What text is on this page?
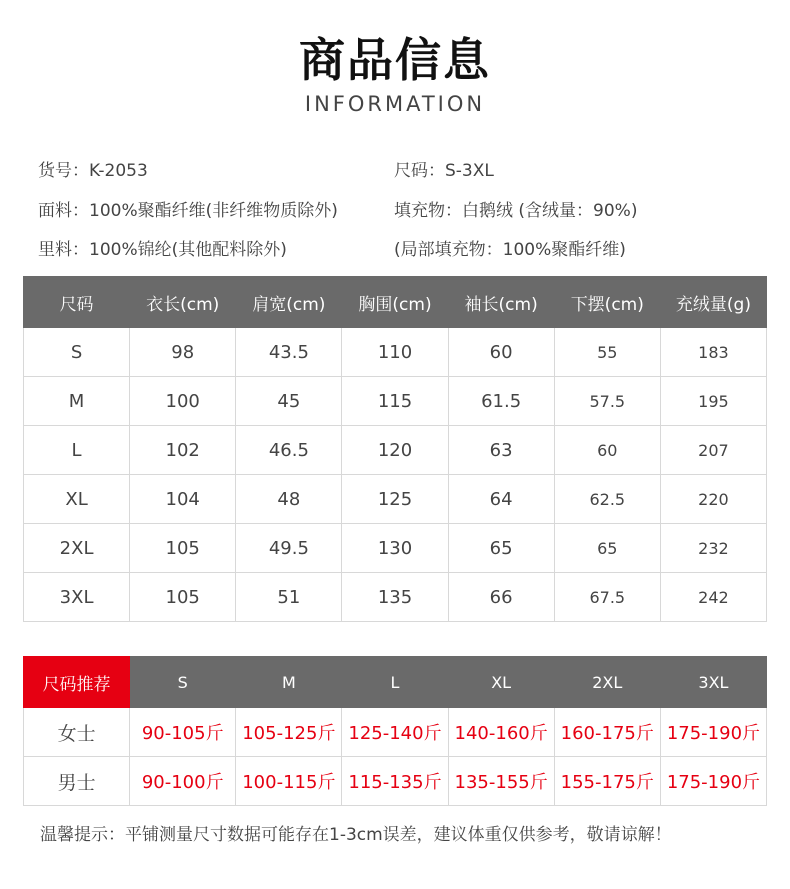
商品信息
INFORMATION
货号：K-2053	尺码：S-3XL
面料：100%聚酯纤维(非纤维物质除外)	填充物：白鹅绒 (含绒量：90%)
里料：100%锦纶(其他配料除外)	(局部填充物：100%聚酯纤维)
尺码	衣长(cm)	肩宽(cm)	胸围(cm)	袖长(cm)	下摆(cm)	充绒量(g)
S	98	43.5	110	60	55	183
M	100	45	115	61.5	57.5	195
L	102	46.5	120	63	60	207
XL	104	48	125	64	62.5	220
2XL	105	49.5	130	65	65	232
3XL	105	51	135	66	67.5	242
尺码推荐	S	M	L	XL	2XL	3XL
女士	90-105斤	105-125斤	125-140斤	140-160斤	160-175斤	175-190斤
男士	90-100斤	100-115斤	115-135斤	135-155斤	155-175斤	175-190斤
温馨提示：平铺测量尺寸数据可能存在1-3cm误差，建议体重仅供参考，敬请谅解！
